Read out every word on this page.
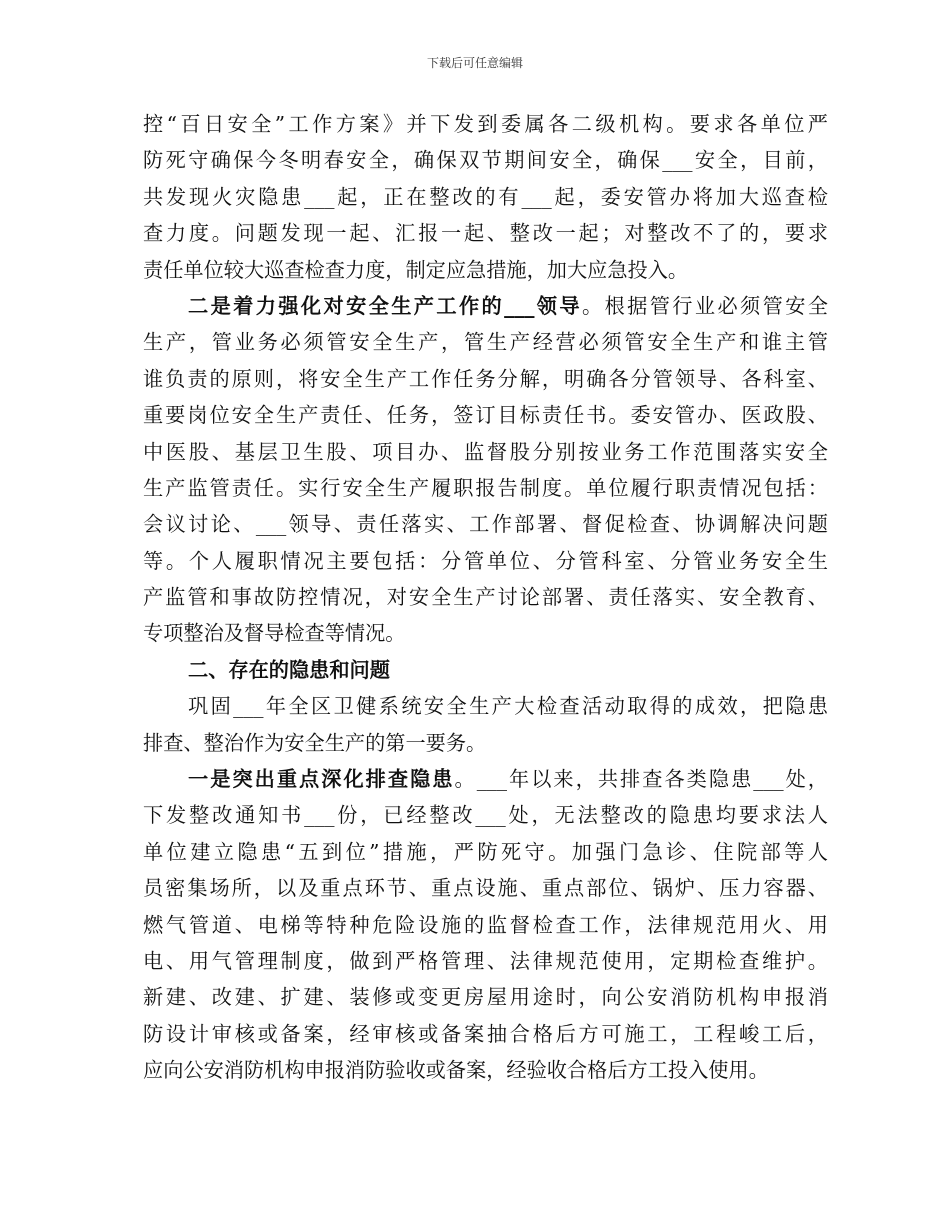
下载后可任意编辑
控“百日安全”工作方案》并下发到委属各二级机构。要求各单位严
防死守确保今冬明春安全，确保双节期间安全，确保___安全，目前，
共发现火灾隐患___起，正在整改的有___起，委安管办将加大巡查检
查力度。问题发现一起、汇报一起、整改一起；对整改不了的，要求
责任单位较大巡查检查力度，制定应急措施，加大应急投入。
二是着力强化对安全生产工作的___领导。根据管行业必须管安全
生产，管业务必须管安全生产，管生产经营必须管安全生产和谁主管
谁负责的原则，将安全生产工作任务分解，明确各分管领导、各科室、
重要岗位安全生产责任、任务，签订目标责任书。委安管办、医政股、
中医股、基层卫生股、项目办、监督股分别按业务工作范围落实安全
生产监管责任。实行安全生产履职报告制度。单位履行职责情况包括：
会议讨论、___领导、责任落实、工作部署、督促检查、协调解决问题
等。个人履职情况主要包括：分管单位、分管科室、分管业务安全生
产监管和事故防控情况，对安全生产讨论部署、责任落实、安全教育、
专项整治及督导检查等情况。
二、存在的隐患和问题
巩固___年全区卫健系统安全生产大检查活动取得的成效，把隐患
排查、整治作为安全生产的第一要务。
一是突出重点深化排查隐患。___年以来，共排查各类隐患___处，
下发整改通知书___份，已经整改___处，无法整改的隐患均要求法人
单位建立隐患“五到位”措施，严防死守。加强门急诊、住院部等人
员密集场所，以及重点环节、重点设施、重点部位、锅炉、压力容器、
燃气管道、电梯等特种危险设施的监督检查工作，法律规范用火、用
电、用气管理制度，做到严格管理、法律规范使用，定期检查维护。
新建、改建、扩建、装修或变更房屋用途时，向公安消防机构申报消
防设计审核或备案，经审核或备案抽合格后方可施工，工程峻工后，
应向公安消防机构申报消防验收或备案，经验收合格后方工投入使用。
